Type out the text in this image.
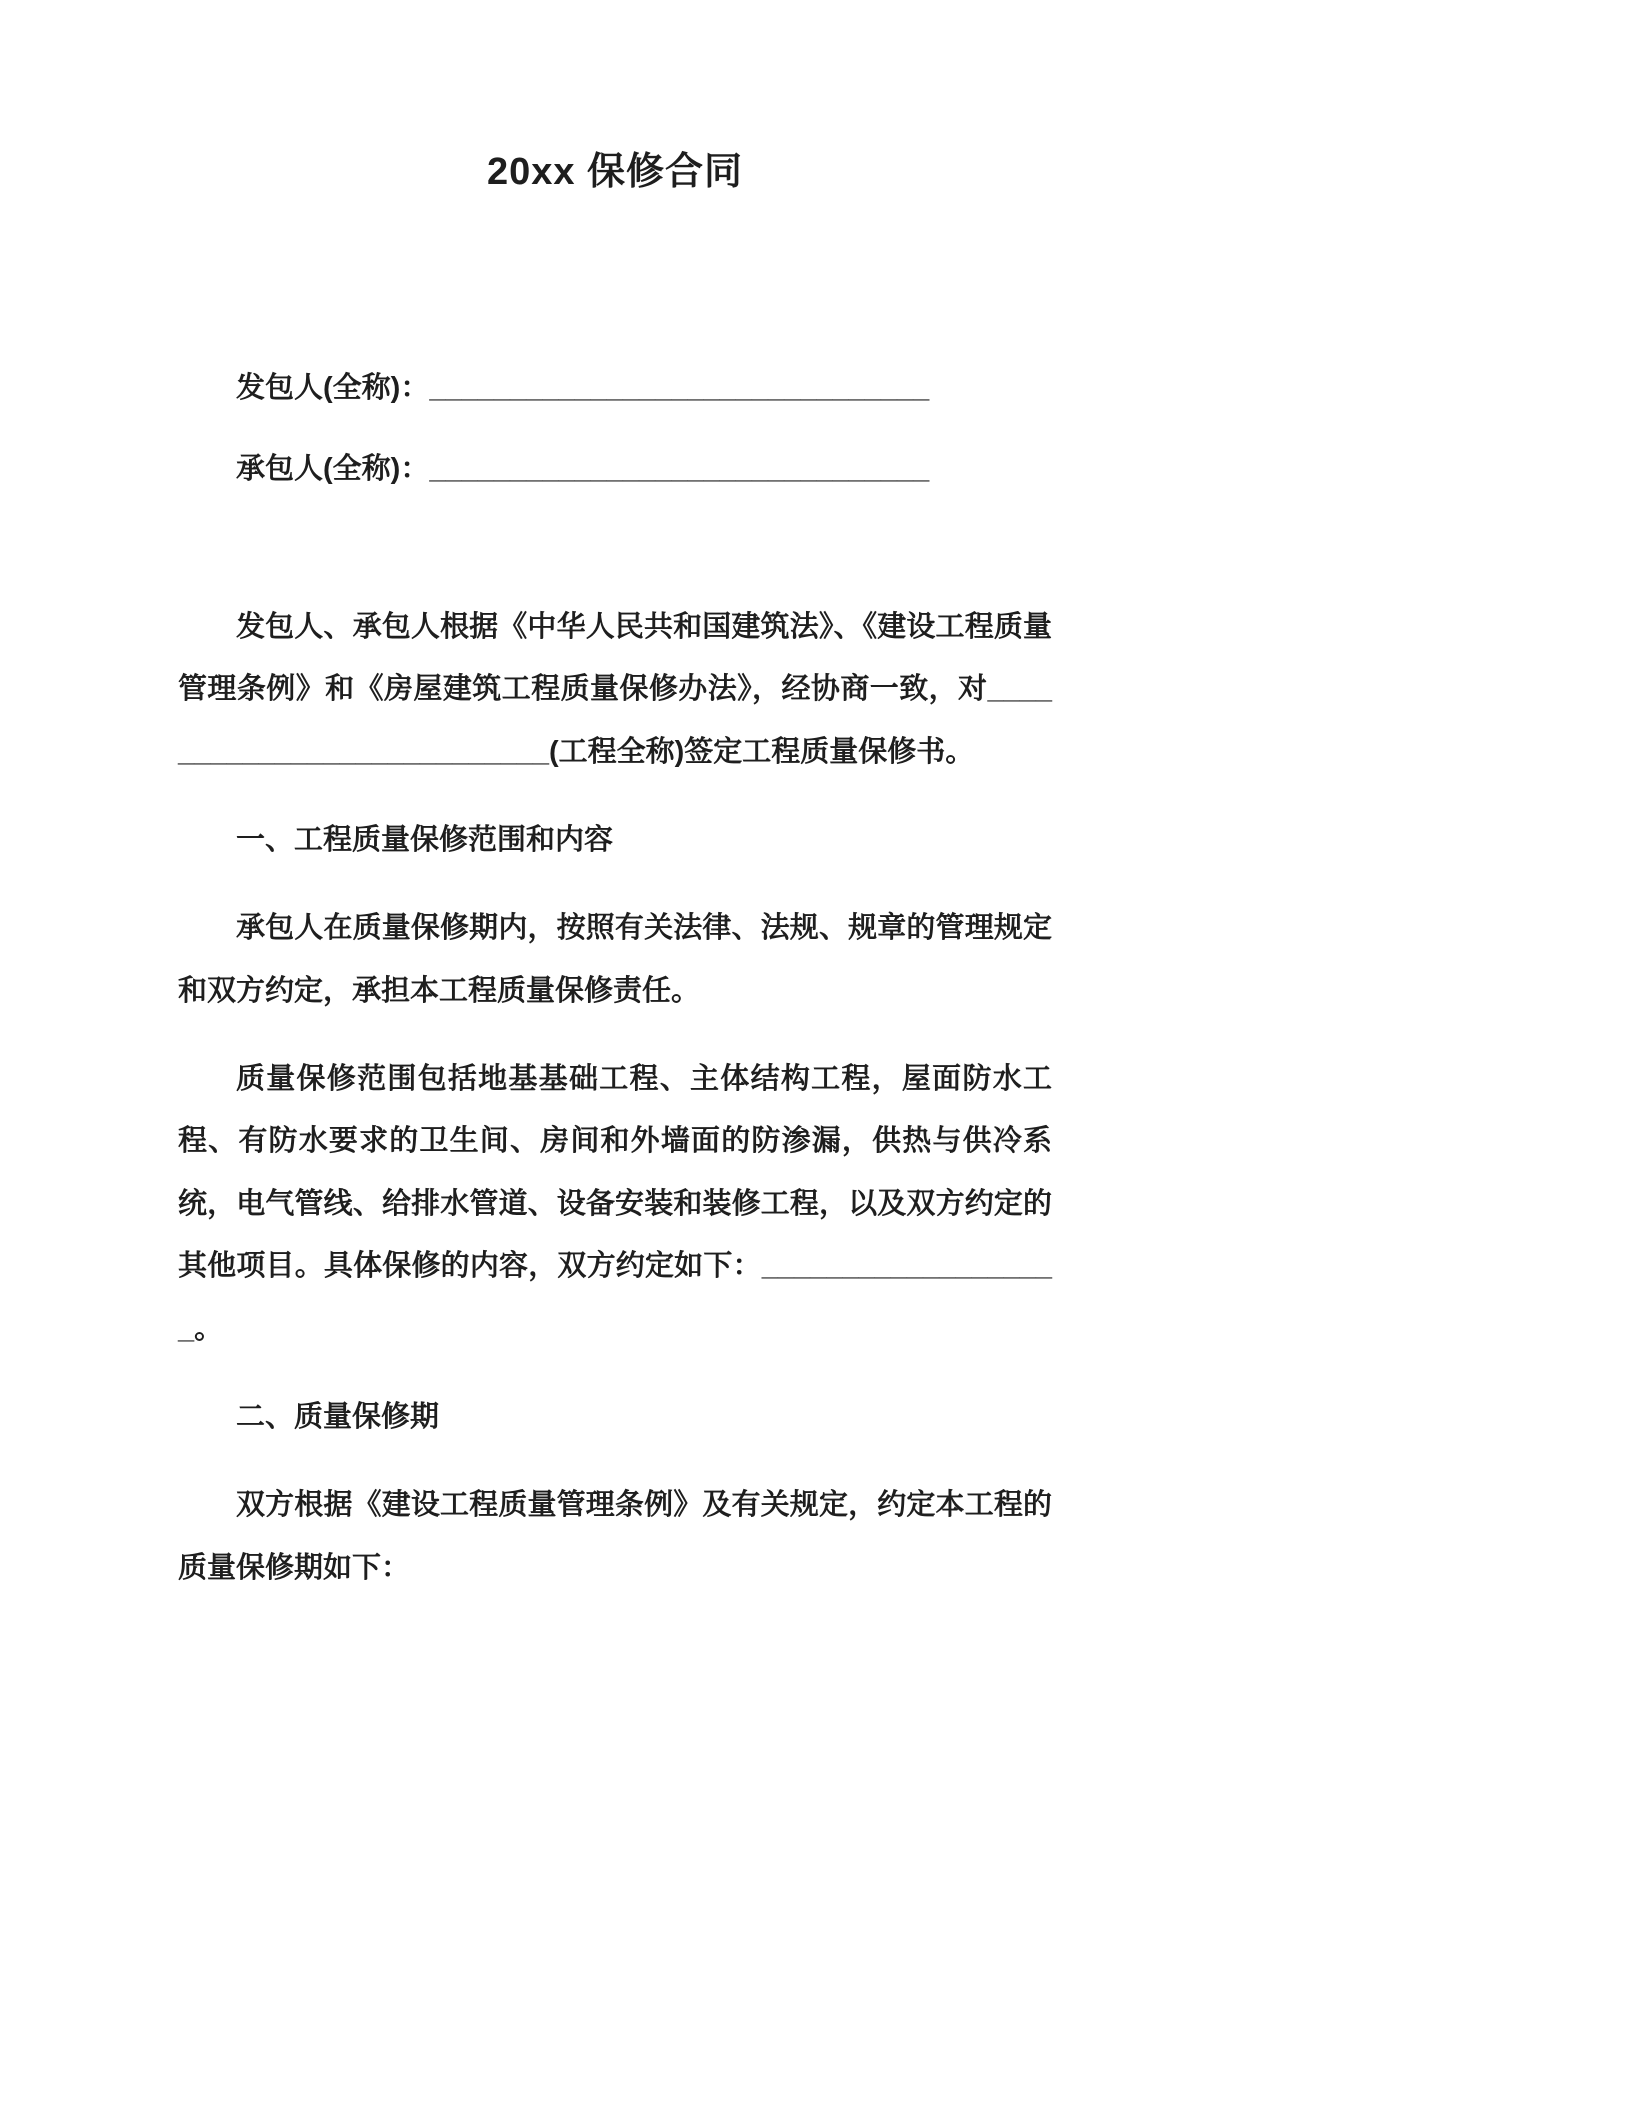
20xx 保修合同
发包人(全称)：_______________________________
承包人(全称)：_______________________________

发包人、承包人根据《中华人民共和国建筑法》、《建设工程质量管理条例》和《房屋建筑工程质量保修办法》，经协商一致，对___________________________(工程全称)签定工程质量保修书。

一、工程质量保修范围和内容

承包人在质量保修期内，按照有关法律、法规、规章的管理规定和双方约定，承担本工程质量保修责任。

质量保修范围包括地基基础工程、主体结构工程，屋面防水工程、有防水要求的卫生间、房间和外墙面的防渗漏，供热与供冷系统，电气管线、给排水管道、设备安装和装修工程，以及双方约定的其他项目。具体保修的内容，双方约定如下：___________________。

二、质量保修期

双方根据《建设工程质量管理条例》及有关规定，约定本工程的质量保修期如下：
